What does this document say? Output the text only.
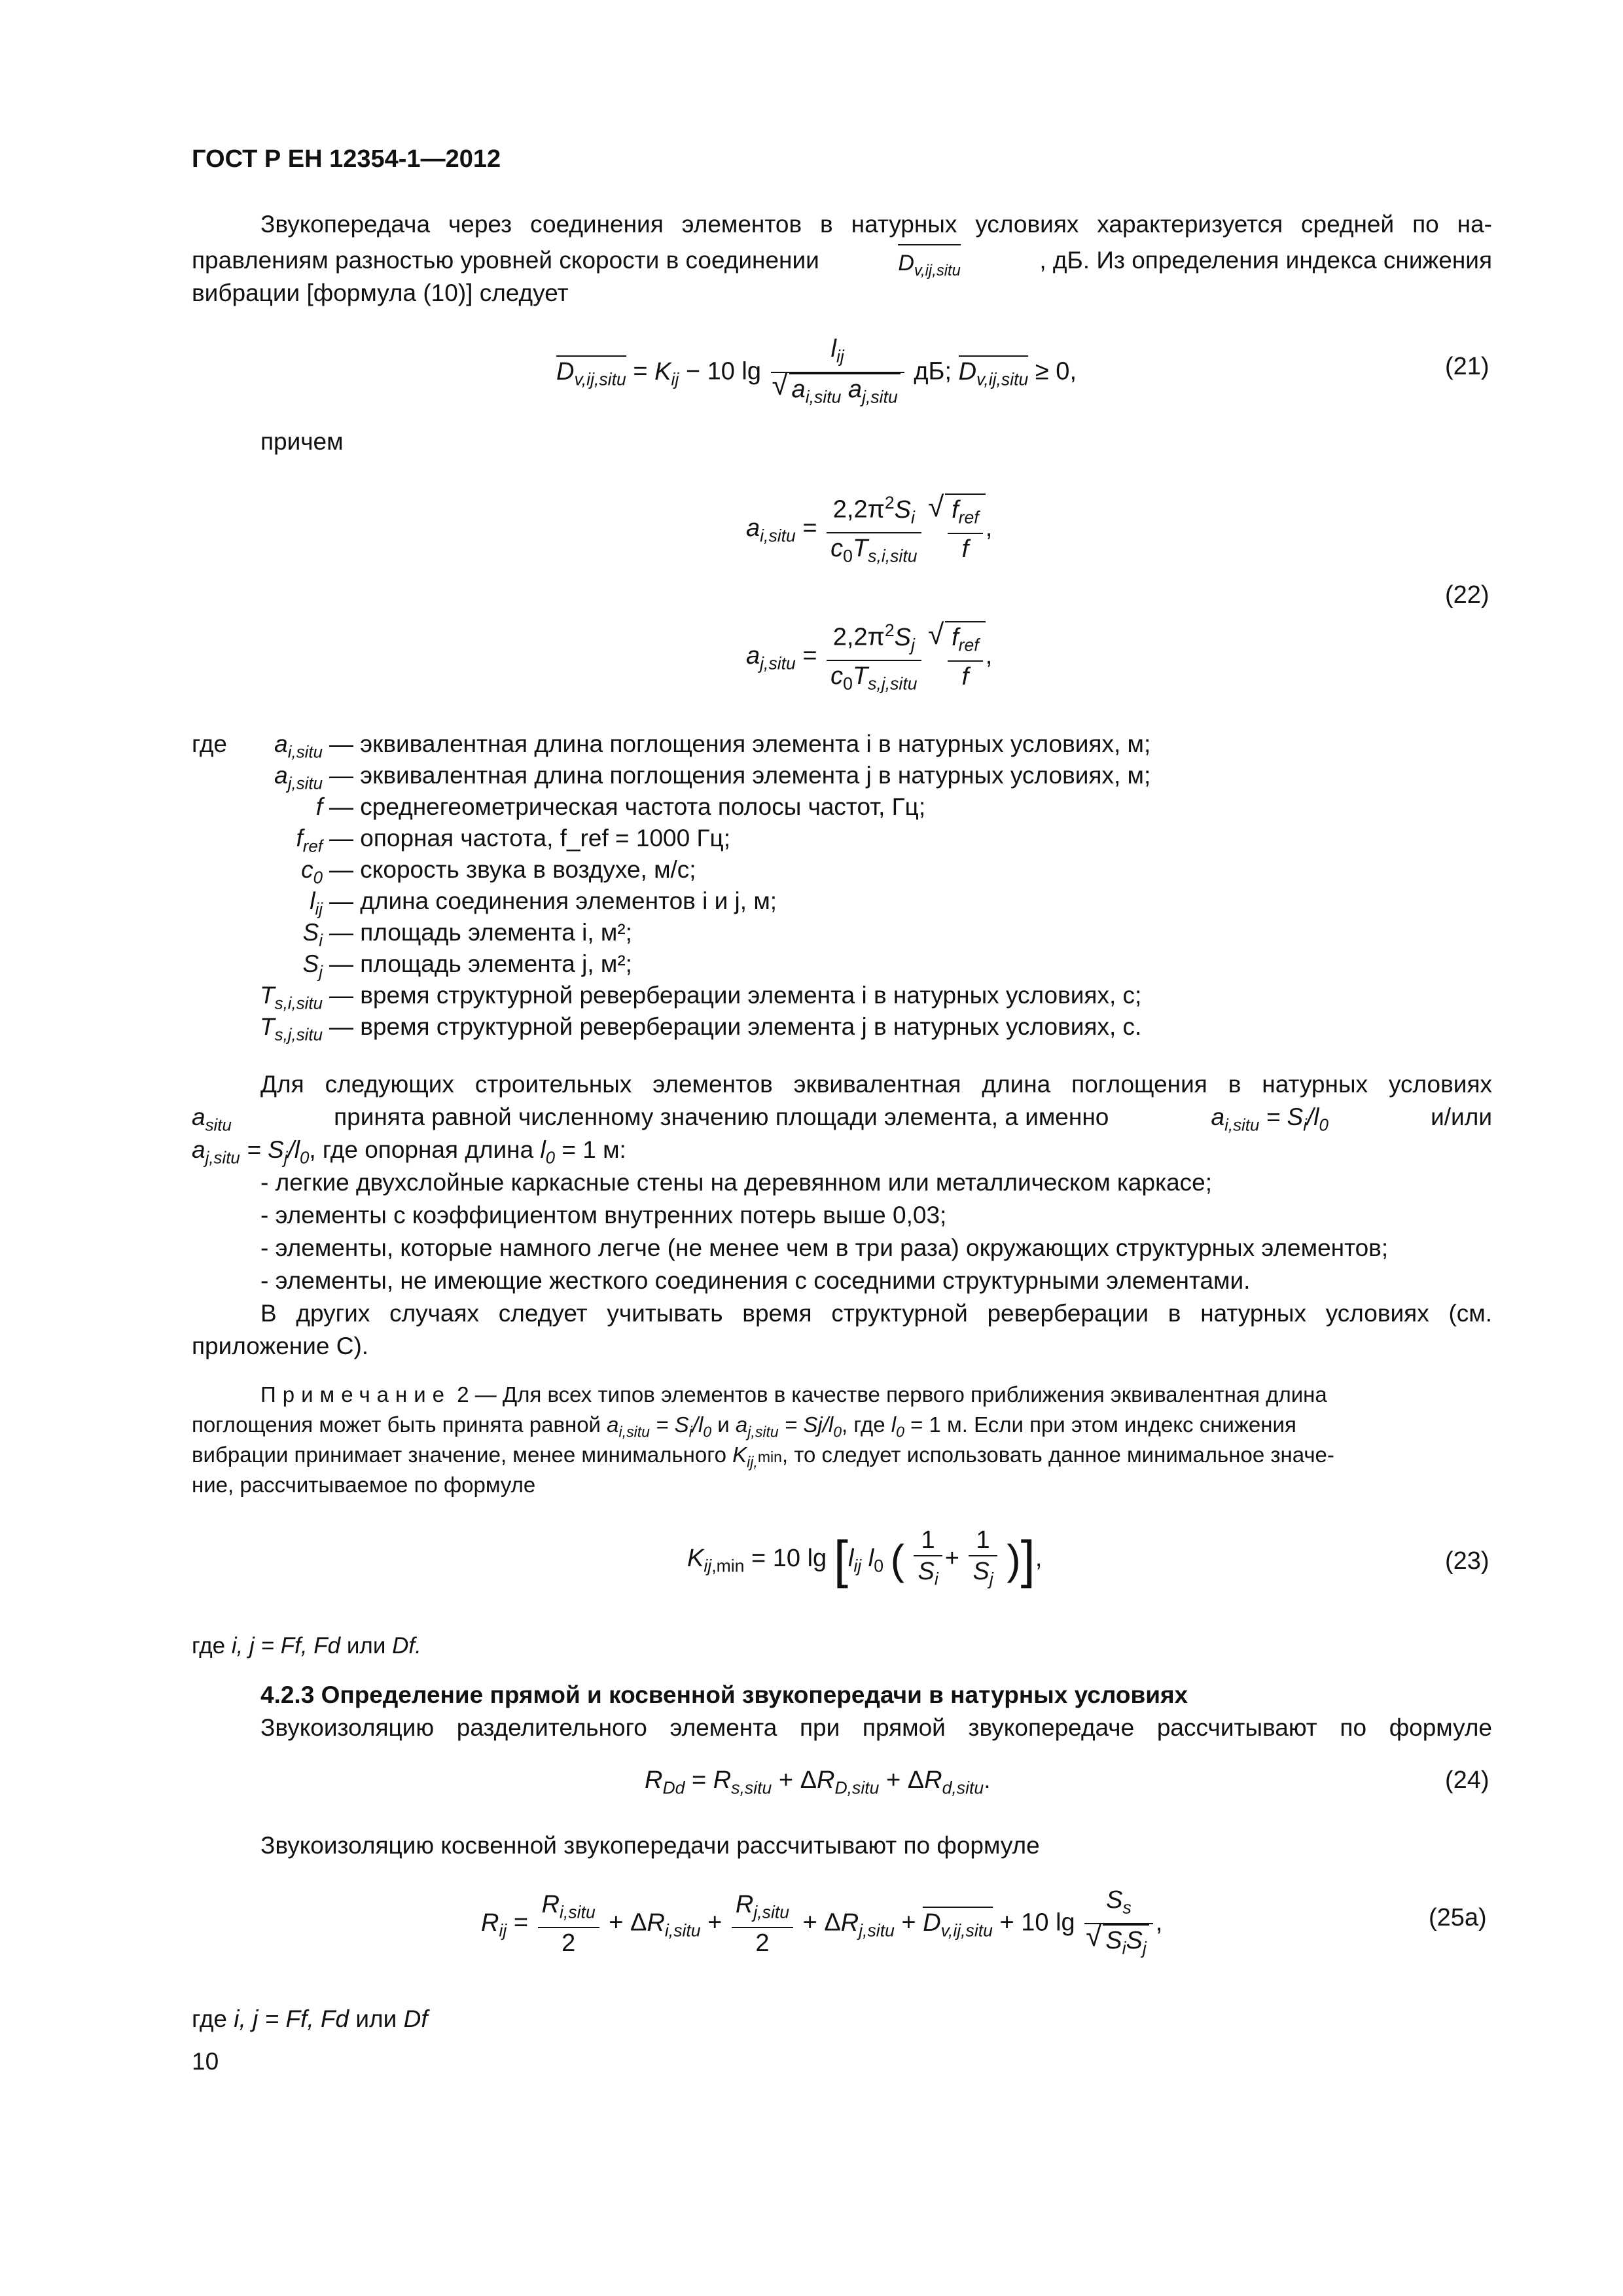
ГОСТ Р ЕН 12354-1—2012
Звукопередача через соединения элементов в натурных условиях характеризуется средней по на-
правлениям разностью уровней скорости в соединении	$D_{v,ij,situ}$	, дБ. Из определения индекса снижения
вибрации [формула (10)] следует
$D_{v,ij,situ} = K_{ij} - 10$ $\lg l_{ij}$
√ $a_{i,situ}$ $a_{j,situ}$ дБ; $D_{v,ij,situ} \ge 0$,	(21)
причем
$a_{i,situ} = \frac{2,2\pi^2S_i}{c_0T_{s,i,situ}}$
√ $\frac{f_{ref}}{f}$ ,
$a_{j,situ} = \frac{2,2\pi^2S_j}{c_0T_{s,j,situ}}$
√ $\frac{f_{ref}}{f}$ ,
(22)
где	$a_{i,situ}$ — эквивалентная длина поглощения элемента i в натурных условиях, м;
$a_{j,situ}$ — эквивалентная длина поглощения элемента j в натурных условиях, м;
f — среднегеометрическая частота полосы частот, Гц;
$f_{ref}$ — опорная частота, f_ref = 1000 Гц;
$c_0$ — скорость звука в воздухе, м/с;
$l_{ij}$ — длина соединения элементов i и j, м;
$S_i$ — площадь элемента i, м²;
$S_j$ — площадь элемента j, м²;
$T_{s,i,situ}$ — время структурной реверберации элемента i в натурных условиях, с;
$T_{s,j,situ}$ — время структурной реверберации элемента j в натурных условиях, с.
Для следующих строительных элементов эквивалентная длина поглощения в натурных условиях
$a_{situ}$	принята равной численному значению площади элемента, а именно	$a_{i,situ} = S_i/l_0$	и/или
$a_{j,situ} = S_j/l_0$, где опорная длина $l_0 = 1$ м:
- легкие двухслойные каркасные стены на деревянном или металлическом каркасе;
- элементы с коэффициентом внутренних потерь выше 0,03;
- элементы, которые намного легче (не менее чем в три раза) окружающих структурных элементов;
- элементы, не имеющие жесткого соединения с соседними структурными элементами.
В других случаях следует учитывать время структурной реверберации в натурных условиях (см.
приложение С).
Примечание 2 — Для всех типов элементов в качестве первого приближения эквивалентная длина
поглощения может быть принята равной $a_{i,situ} = S_i/l_0$ и $a_{j,situ} = Sj/l_0$, где $l_0 = 1$ м. Если при этом индекс снижения
вибрации принимает значение, менее минимального $K_{ij,}\min$, то следует использовать данное минимальное значе-
ние, рассчитываемое по формуле
$K_{ij,min} = 10$ $\lg [l_{ij}$ $l_0$ ( $\frac{1}{S_i} + \frac{1}{S_j}$ )],	(23)
где i, j = Ff, Fd или Df.
4.2.3 Определение прямой и косвенной звукопередачи в натурных условиях
Звукоизоляцию разделительного элемента при прямой звукопередаче рассчитывают по формуле
$R_{Dd} = R_{s,situ} + \Delta R_{D,situ} + \Delta R_{d,situ}$.	(24)
Звукоизоляцию косвенной звукопередачи рассчитывают по формуле
$R_{ij} = \frac{R_{i,situ}}{2} + \Delta R_{i,situ} + \frac{R_{j,situ}}{2} + \Delta R_{j,situ} + D_{v,ij,situ} + 10$ $\lg S_s$
√ $S_iS_j$ ,	(25а)
где i, j = Ff, Fd или Df
10
